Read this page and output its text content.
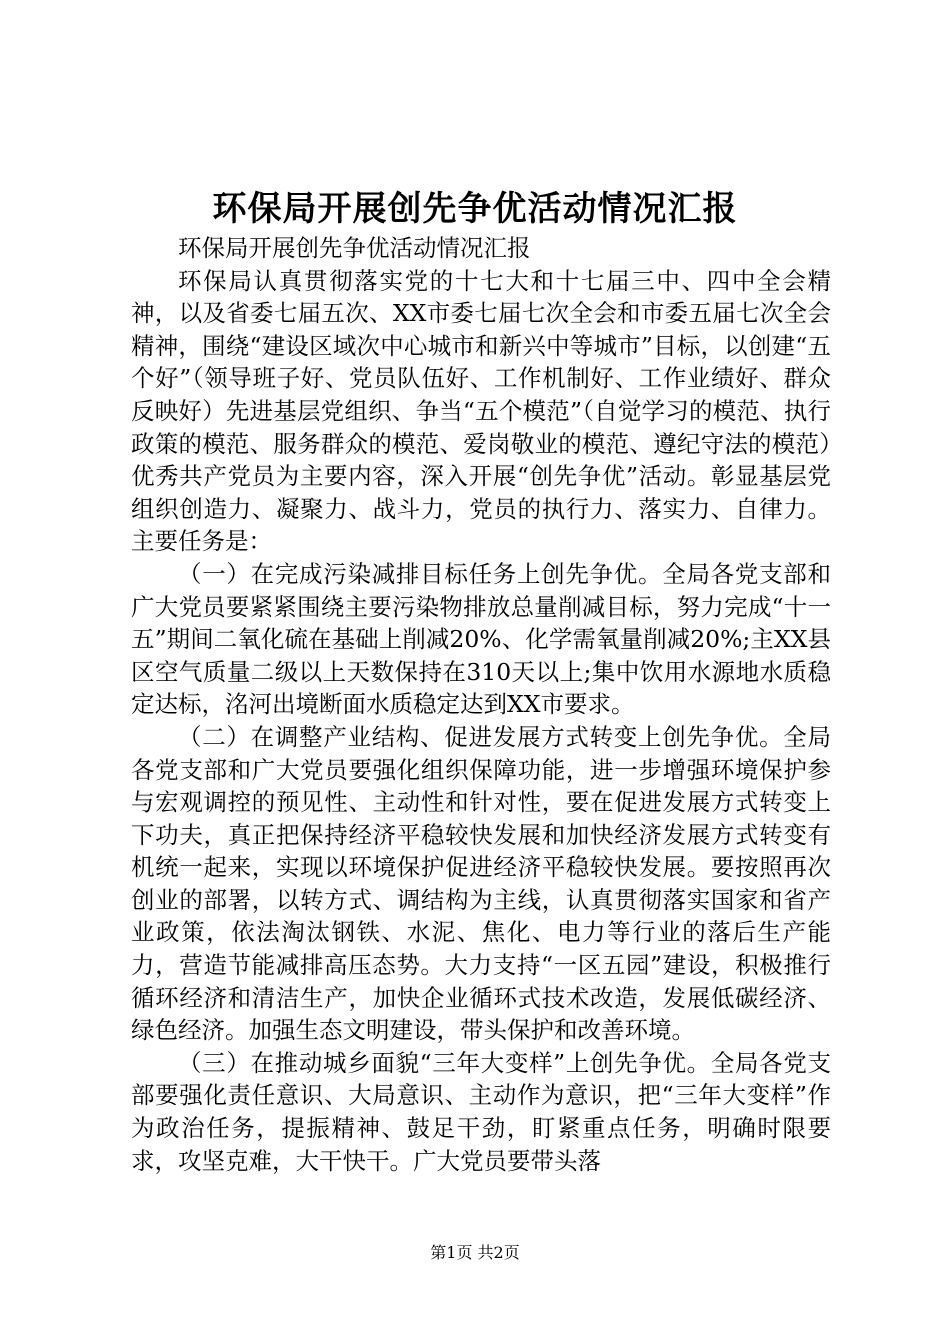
环保局开展创先争优活动情况汇报

环保局开展创先争优活动情况汇报

环保局认真贯彻落实党的十七大和十七届三中、四中全会精神，以及省委七届五次、XX市委七届七次全会和市委五届七次全会精神，围绕“建设区域次中心城市和新兴中等城市”目标，以创建“五个好”（领导班子好、党员队伍好、工作机制好、工作业绩好、群众反映好）先进基层党组织、争当“五个模范”（自觉学习的模范、执行政策的模范、服务群众的模范、爱岗敬业的模范、遵纪守法的模范）优秀共产党员为主要内容，深入开展“创先争优”活动。彰显基层党组织创造力、凝聚力、战斗力，党员的执行力、落实力、自律力。主要任务是：

（一）在完成污染减排目标任务上创先争优。全局各党支部和广大党员要紧紧围绕主要污染物排放总量削减目标，努力完成“十一五”期间二氧化硫在基础上削减20%、化学需氧量削减20%;主XX县区空气质量二级以上天数保持在310天以上;集中饮用水源地水质稳定达标，洺河出境断面水质稳定达到XX市要求。

（二）在调整产业结构、促进发展方式转变上创先争优。全局各党支部和广大党员要强化组织保障功能，进一步增强环境保护参与宏观调控的预见性、主动性和针对性，要在促进发展方式转变上下功夫，真正把保持经济平稳较快发展和加快经济发展方式转变有机统一起来，实现以环境保护促进经济平稳较快发展。要按照再次创业的部署，以转方式、调结构为主线，认真贯彻落实国家和省产业政策，依法淘汰钢铁、水泥、焦化、电力等行业的落后生产能力，营造节能减排高压态势。大力支持“一区五园”建设，积极推行循环经济和清洁生产，加快企业循环式技术改造，发展低碳经济、绿色经济。加强生态文明建设，带头保护和改善环境。

（三）在推动城乡面貌“三年大变样”上创先争优。全局各党支部要强化责任意识、大局意识、主动作为意识，把“三年大变样”作为政治任务，提振精神、鼓足干劲，盯紧重点任务，明确时限要求，攻坚克难，大干快干。广大党员要带头落

第1页 共2页
